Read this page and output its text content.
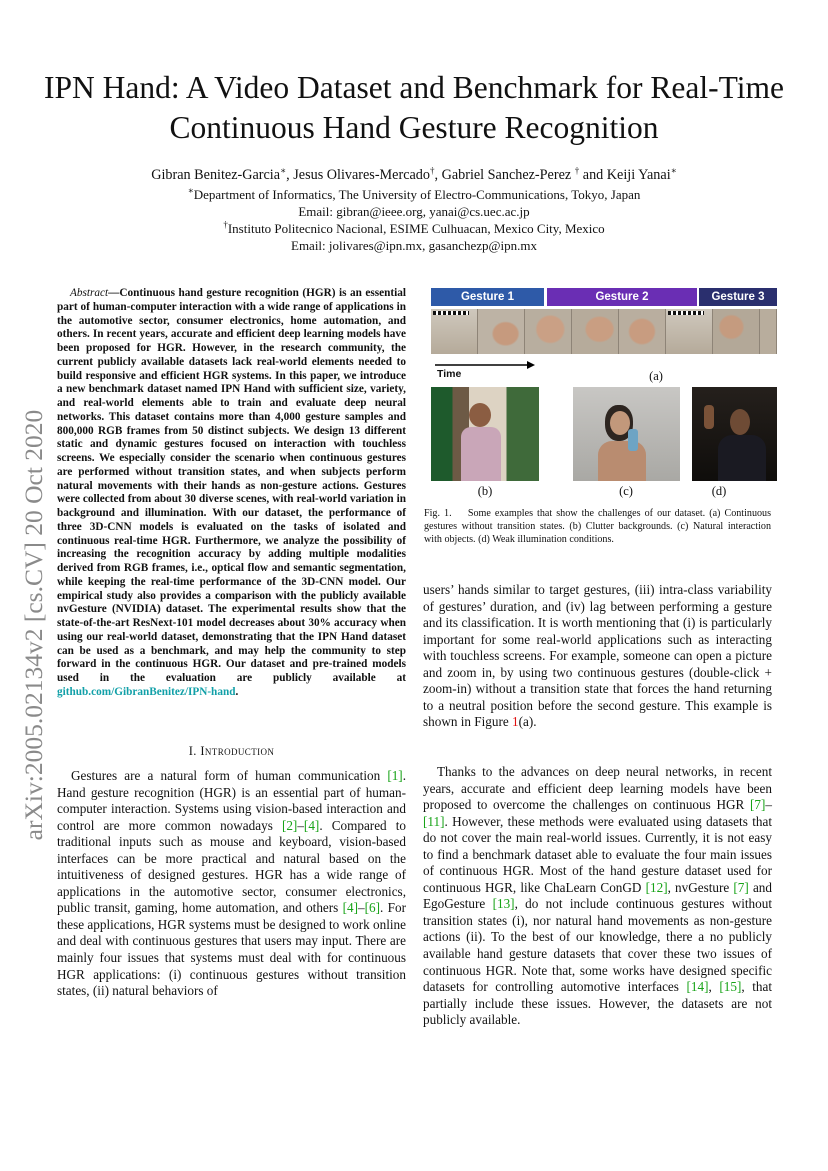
IPN Hand: A Video Dataset and Benchmark for Real-Time Continuous Hand Gesture Recognition
Gibran Benitez-Garcia∗, Jesus Olivares-Mercado†, Gabriel Sanchez-Perez † and Keiji Yanai∗
∗Department of Informatics, The University of Electro-Communications, Tokyo, Japan
Email: gibran@ieee.org, yanai@cs.uec.ac.jp
†Instituto Politecnico Nacional, ESIME Culhuacan, Mexico City, Mexico
Email: jolivares@ipn.mx, gasanchezp@ipn.mx
arXiv:2005.02134v2 [cs.CV] 20 Oct 2020
Abstract—Continuous hand gesture recognition (HGR) is an essential part of human-computer interaction with a wide range of applications in the automotive sector, consumer electronics, home automation, and others. In recent years, accurate and efficient deep learning models have been proposed for HGR. However, in the research community, the current publicly available datasets lack real-world elements needed to build responsive and efficient HGR systems. In this paper, we introduce a new benchmark dataset named IPN Hand with sufficient size, variety, and real-world elements able to train and evaluate deep neural networks. This dataset contains more than 4,000 gesture samples and 800,000 RGB frames from 50 distinct subjects. We design 13 different static and dynamic gestures focused on interaction with touchless screens. We especially consider the scenario when continuous gestures are performed without transition states, and when subjects perform natural movements with their hands as non-gesture actions. Gestures were collected from about 30 diverse scenes, with real-world variation in background and illumination. With our dataset, the performance of three 3D-CNN models is evaluated on the tasks of isolated and continuous real-time HGR. Furthermore, we analyze the possibility of increasing the recognition accuracy by adding multiple modalities derived from RGB frames, i.e., optical flow and semantic segmentation, while keeping the real-time performance of the 3D-CNN model. Our empirical study also provides a comparison with the publicly available nvGesture (NVIDIA) dataset. The experimental results show that the state-of-the-art ResNext-101 model decreases about 30% accuracy when using our real-world dataset, demonstrating that the IPN Hand dataset can be used as a benchmark, and may help the community to step forward in the continuous HGR. Our dataset and pre-trained models used in the evaluation are publicly available at github.com/GibranBenitez/IPN-hand.
I. Introduction
Gestures are a natural form of human communication [1]. Hand gesture recognition (HGR) is an essential part of human-computer interaction. Systems using vision-based interaction and control are more common nowadays [2]–[4]. Compared to traditional inputs such as mouse and keyboard, vision-based interfaces can be more practical and natural based on the intuitiveness of designed gestures. HGR has a wide range of applications in the automotive sector, consumer electronics, public transit, gaming, home automation, and others [4]–[6]. For these applications, HGR systems must be designed to work online and deal with continuous gestures that users may input. There are mainly four issues that systems must deal with for continuous HGR applications: (i) continuous gestures without transition states, (ii) natural behaviors of
Gesture 1	Gesture 2	Gesture 3
Time	(a)
(b)	(c)	(d)
Fig. 1. Some examples that show the challenges of our dataset. (a) Continuous gestures without transition states. (b) Clutter backgrounds. (c) Natural interaction with objects. (d) Weak illumination conditions.
users’ hands similar to target gestures, (iii) intra-class variability of gestures’ duration, and (iv) lag between performing a gesture and its classification. It is worth mentioning that (i) is particularly important for some real-world applications such as interacting with touchless screens. For example, someone can open a picture and zoom in, by using two continuous gestures (double-click + zoom-in) without a transition state that forces the hand returning to a neutral position before the second gesture. This example is shown in Figure 1(a).
Thanks to the advances on deep neural networks, in recent years, accurate and efficient deep learning models have been proposed to overcome the challenges on continuous HGR [7]–[11]. However, these methods were evaluated using datasets that do not cover the main real-world issues. Currently, it is not easy to find a benchmark dataset able to evaluate the four main issues of continuous HGR. Most of the hand gesture dataset used for continuous HGR, like ChaLearn ConGD [12], nvGesture [7] and EgoGesture [13], do not include continuous gestures without transition states (i), nor natural hand movements as non-gesture actions (ii). To the best of our knowledge, there a no publicly available hand gesture datasets that cover these two issues of continuous HGR. Note that, some works have designed specific datasets for controlling automotive interfaces [14], [15], that partially include these issues. However, the datasets are not publicly available.
